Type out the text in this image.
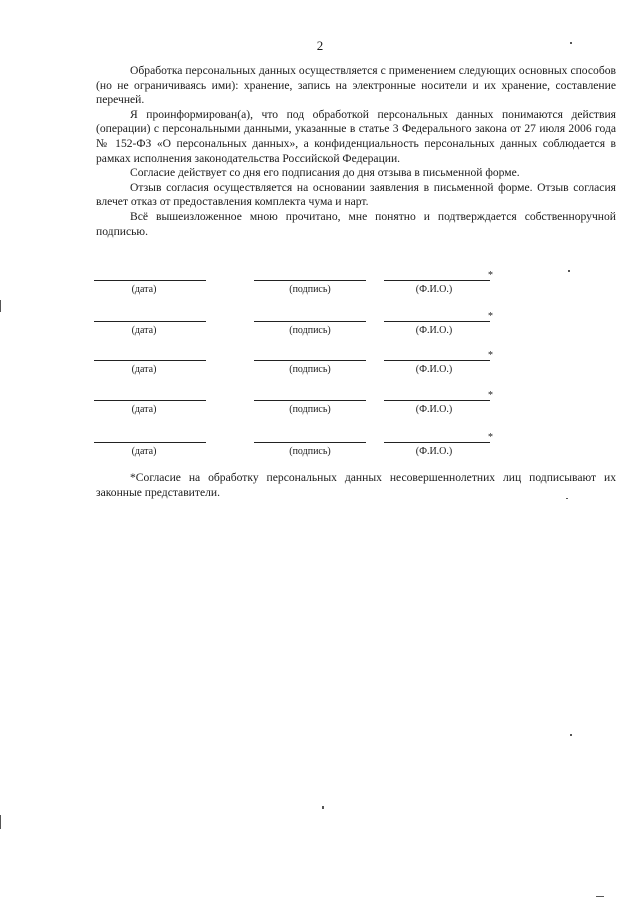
2

Обработка персональных данных осуществляется с применением следующих основных способов (но не ограничиваясь ими): хранение, запись на электронные носители и их хранение, составление перечней.

Я проинформирован(а), что под обработкой персональных данных понимаются действия (операции) с персональными данными, указанные в статье 3 Федерального закона от 27 июля 2006 года № 152-ФЗ «О персональных данных», а конфиденциальность персональных данных соблюдается в рамках исполнения законодательства Российской Федерации.

Согласие действует со дня его подписания до дня отзыва в письменной форме.

Отзыв согласия осуществляется на основании заявления в письменной форме. Отзыв согласия влечет отказ от предоставления комплекта чума и нарт.

Всё вышеизложенное мною прочитано, мне понятно и подтверждается собственноручной подписью.

(дата)	(подпись)	(Ф.И.О.)
*
(дата)	(подпись)	(Ф.И.О.)
*
(дата)	(подпись)	(Ф.И.О.)
*
(дата)	(подпись)	(Ф.И.О.)
*
(дата)	(подпись)	(Ф.И.О.)
*

*Согласие на обработку персональных данных несовершеннолетних лиц подписывают их законные представители.
